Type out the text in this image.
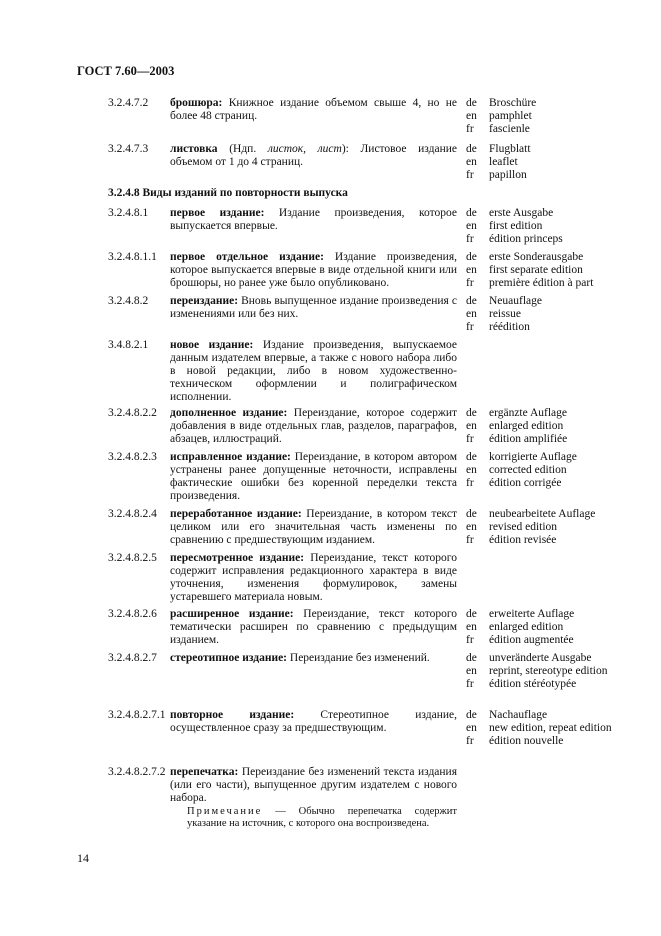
ГОСТ 7.60—2003
3.2.4.8 Виды изданий по повторности выпуска
3.2.4.7.2 брошюра: Книжное издание объемом свыше 4, но не более 48 страниц.
de	Broschüre
en	pamphlet
fr	fascienle
3.2.4.7.3 листовка (Ндп. листок, лист): Листовое издание объемом от 1 до 4 страниц.
de	Flugblatt
en	leaflet
fr	papillon
3.2.4.8.1 первое издание: Издание произведения, которое выпускается впервые.
de	erste Ausgabe
en	first edition
fr	édition princeps
3.2.4.8.1.1 первое отдельное издание: Издание произведения, которое выпускается впервые в виде отдельной книги или брошюры, но ранее уже было опубликовано.
de	erste Sonderausgabe
en	first separate edition
fr	première édition à part
3.2.4.8.2 переиздание: Вновь выпущенное издание произведения с изменениями или без них.
de	Neuauflage
en	reissue
fr	réédition
3.4.8.2.1 новое издание: Издание произведения, выпускаемое данным издателем впервые, а также с нового набора либо в новой редакции, либо в новом художественно-техническом оформлении и полиграфическом исполнении.
3.2.4.8.2.2 дополненное издание: Переиздание, которое содержит добавления в виде отдельных глав, разделов, параграфов, абзацев, иллюстраций.
de	ergänzte Auflage
en	enlarged edition
fr	édition amplifiée
3.2.4.8.2.3 исправленное издание: Переиздание, в котором автором устранены ранее допущенные неточности, исправлены фактические ошибки без коренной переделки текста произведения.
de	korrigierte Auflage
en	corrected edition
fr	édition corrigée
3.2.4.8.2.4 переработанное издание: Переиздание, в котором текст целиком или его значительная часть изменены по сравнению с предшествующим изданием.
de	neubearbeitete Auflage
en	revised edition
fr	édition revisée
3.2.4.8.2.5 пересмотренное издание: Переиздание, текст которого содержит исправления редакционного характера в виде уточнения, изменения формулировок, замены устаревшего материала новым.
3.2.4.8.2.6 расширенное издание: Переиздание, текст которого тематически расширен по сравнению с предыдущим изданием.
de	erweiterte Auflage
en	enlarged edition
fr	édition augmentée
3.2.4.8.2.7 стереотипное издание: Переиздание без изменений.	de	unveränderte Ausgabe
en	reprint, stereotype edition
fr	édition stéréotypée
3.2.4.8.2.7.1 повторное издание: Стереотипное издание, осуществленное сразу за предшествующим.
de	Nachauflage
en	new edition, repeat edition
fr	édition nouvelle
3.2.4.8.2.7.2 перепечатка: Переиздание без изменений текста издания (или его части), выпущенное другим издателем с нового набора.
Примечание — Обычно перепечатка содержит указание на источник, с которого она воспроизведена.
14
